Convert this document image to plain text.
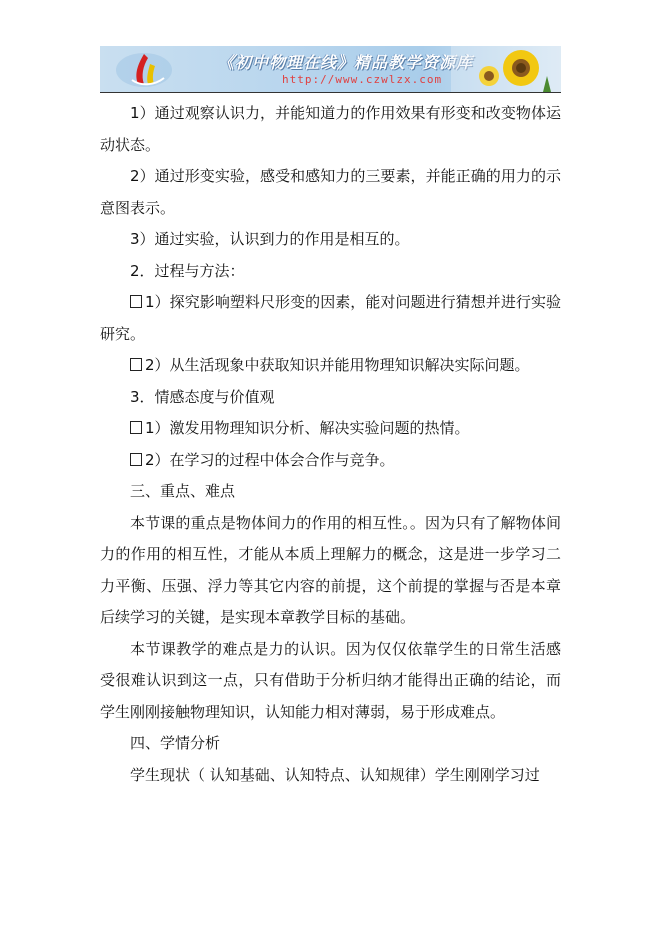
《初中物理在线》精品教学资源库
http://www.czwlzx.com

1）通过观察认识力，并能知道力的作用效果有形变和改变物体运动状态。

2）通过形变实验，感受和感知力的三要素，并能正确的用力的示意图表示。

3）通过实验，认识到力的作用是相互的。

2．过程与方法：

1）探究影响塑料尺形变的因素，能对问题进行猜想并进行实验研究。

2）从生活现象中获取知识并能用物理知识解决实际问题。

3．情感态度与价值观

1）激发用物理知识分析、解决实验问题的热情。

2）在学习的过程中体会合作与竞争。

三、重点、难点

本节课的重点是物体间力的作用的相互性。。因为只有了解物体间力的作用的相互性，才能从本质上理解力的概念，这是进一步学习二力平衡、压强、浮力等其它内容的前提，这个前提的掌握与否是本章后续学习的关键，是实现本章教学目标的基础。

本节课教学的难点是力的认识。因为仅仅依靠学生的日常生活感受很难认识到这一点，只有借助于分析归纳才能得出正确的结论，而学生刚刚接触物理知识，认知能力相对薄弱，易于形成难点。

四、学情分析

学生现状（ 认知基础、认知特点、认知规律）学生刚刚学习过
